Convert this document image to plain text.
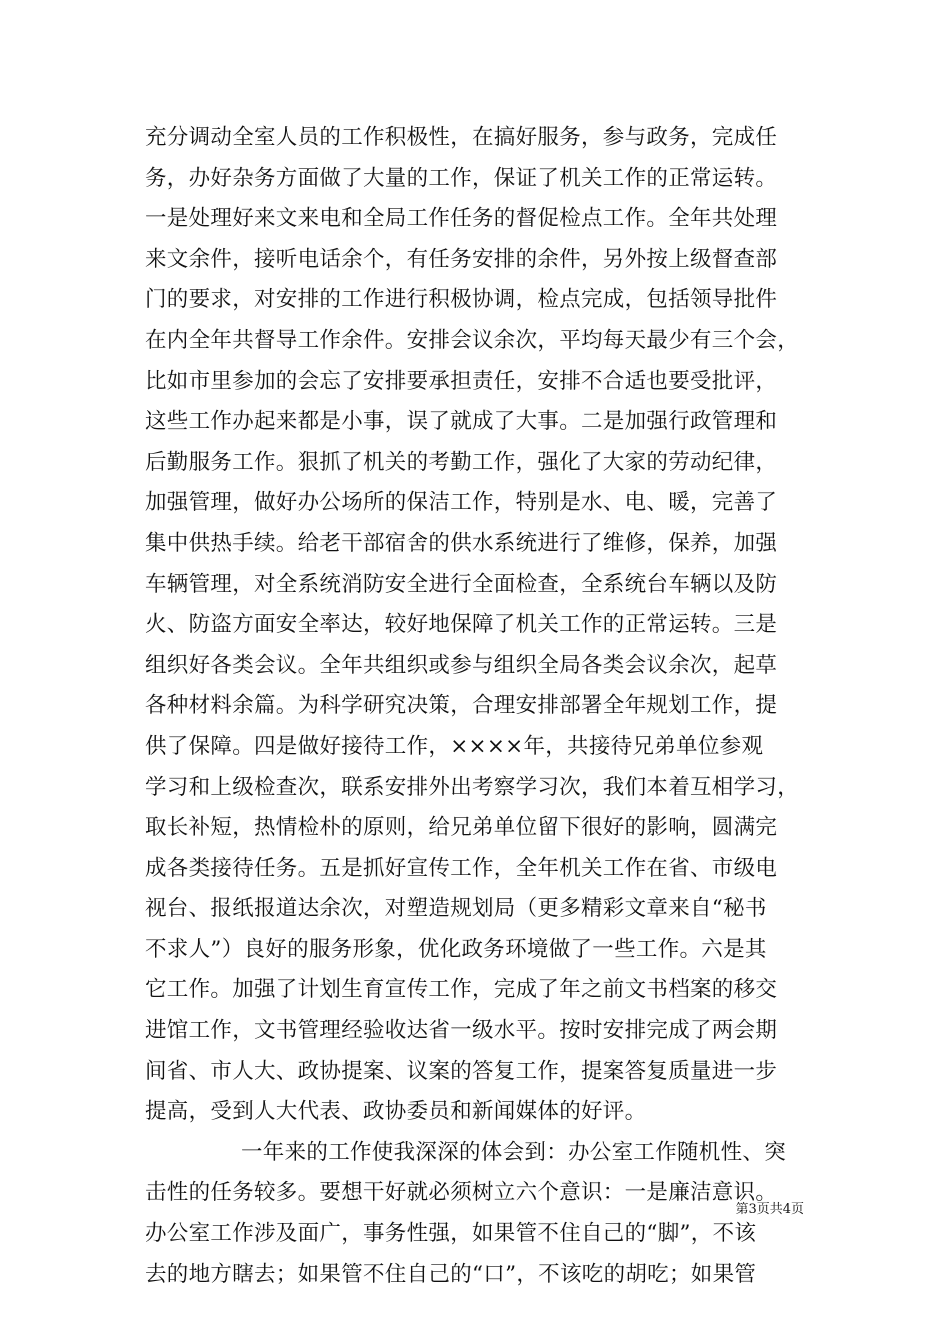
充分调动全室人员的工作积极性，在搞好服务，参与政务，完成任
务，办好杂务方面做了大量的工作，保证了机关工作的正常运转。
一是处理好来文来电和全局工作任务的督促检点工作。全年共处理
来文余件，接听电话余个，有任务安排的余件，另外按上级督查部
门的要求，对安排的工作进行积极协调，检点完成，包括领导批件
在内全年共督导工作余件。安排会议余次，平均每天最少有三个会，
比如市里参加的会忘了安排要承担责任，安排不合适也要受批评，
这些工作办起来都是小事，误了就成了大事。二是加强行政管理和
后勤服务工作。狠抓了机关的考勤工作，强化了大家的劳动纪律，
加强管理，做好办公场所的保洁工作，特别是水、电、暖，完善了
集中供热手续。给老干部宿舍的供水系统进行了维修，保养，加强
车辆管理，对全系统消防安全进行全面检查，全系统台车辆以及防
火、防盗方面安全率达，较好地保障了机关工作的正常运转。三是
组织好各类会议。全年共组织或参与组织全局各类会议余次，起草
各种材料余篇。为科学研究决策，合理安排部署全年规划工作，提
供了保障。四是做好接待工作，××××年，共接待兄弟单位参观
学习和上级检查次，联系安排外出考察学习次，我们本着互相学习，
取长补短，热情检朴的原则，给兄弟单位留下很好的影响，圆满完
成各类接待任务。五是抓好宣传工作，全年机关工作在省、市级电
视台、报纸报道达余次，对塑造规划局（更多精彩文章来自“秘书
不求人”）良好的服务形象，优化政务环境做了一些工作。六是其
它工作。加强了计划生育宣传工作，完成了年之前文书档案的移交
进馆工作，文书管理经验收达省一级水平。按时安排完成了两会期
间省、市人大、政协提案、议案的答复工作，提案答复质量进一步
提高，受到人大代表、政协委员和新闻媒体的好评。
一年来的工作使我深深的体会到：办公室工作随机性、突
击性的任务较多。要想干好就必须树立六个意识：一是廉洁意识。
办公室工作涉及面广，事务性强，如果管不住自己的“脚”，不该
去的地方瞎去；如果管不住自己的“口”，不该吃的胡吃；如果管
第3页共4页
